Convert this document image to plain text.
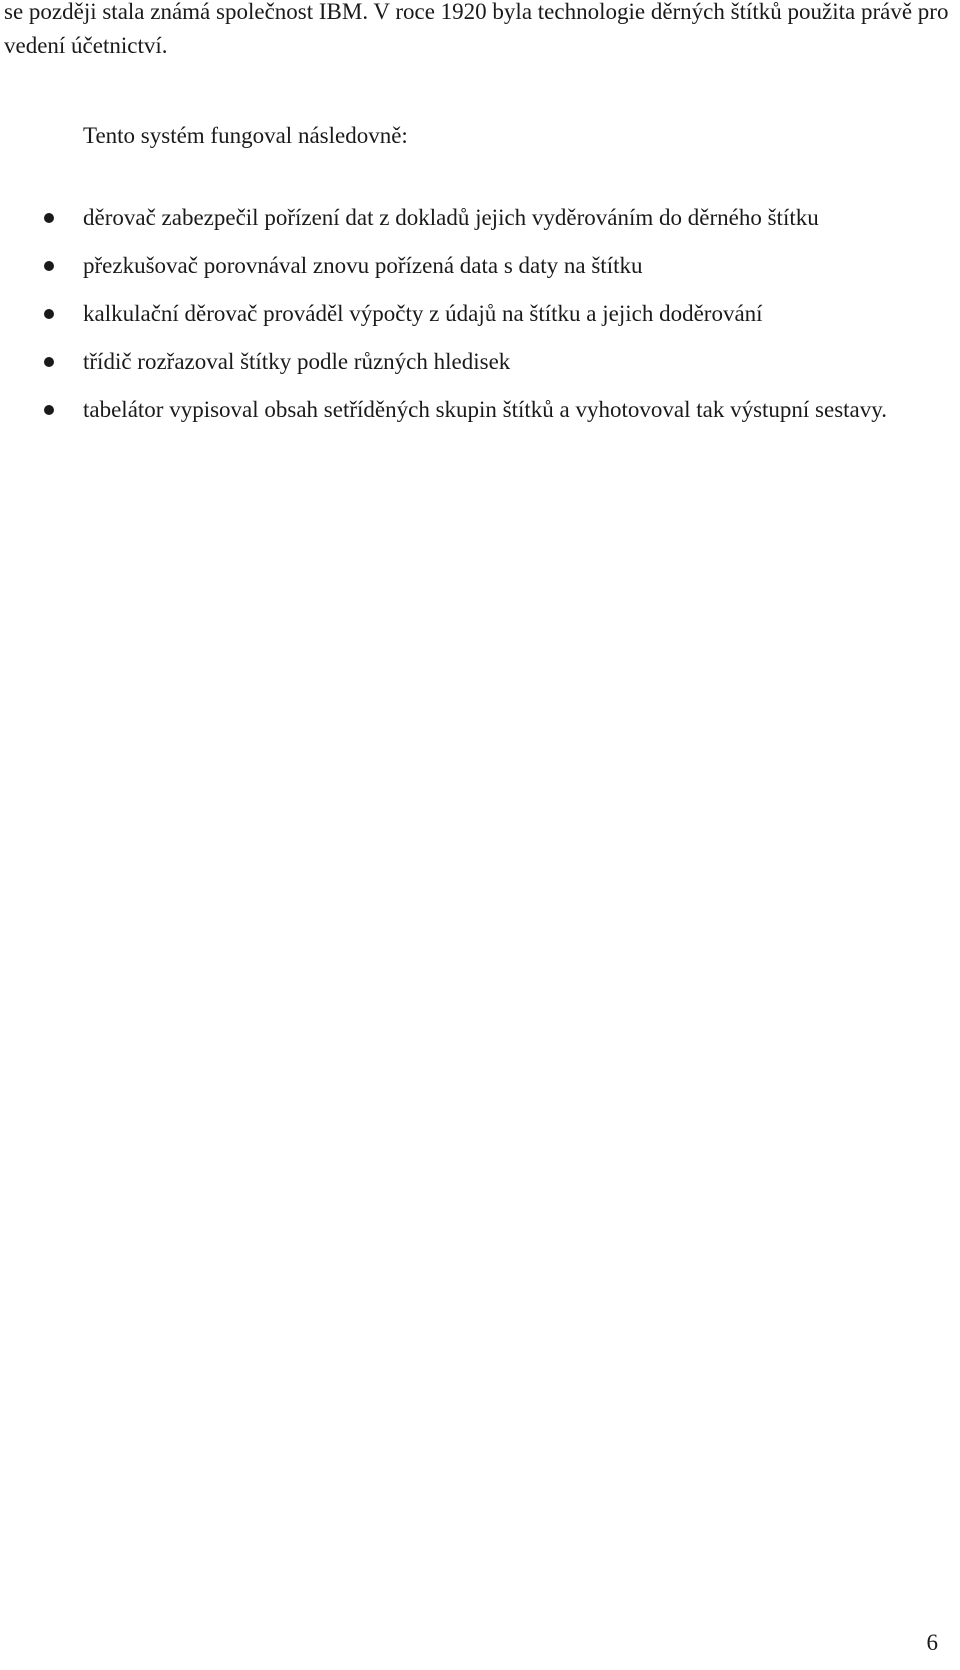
se později stala známá společnost IBM. V roce 1920 byla technologie děrných štítků použita právě pro vedení účetnictví.

Tento systém fungoval následovně:

děrovač zabezpečil pořízení dat z dokladů jejich vyděrováním do děrného štítku
přezkušovač porovnával znovu pořízená data s daty na štítku
kalkulační děrovač prováděl výpočty z údajů na štítku a jejich doděrování
třídič rozřazoval štítky podle různých hledisek
tabelátor vypisoval obsah setříděných skupin štítků a vyhotovoval tak výstupní sestavy.

6
